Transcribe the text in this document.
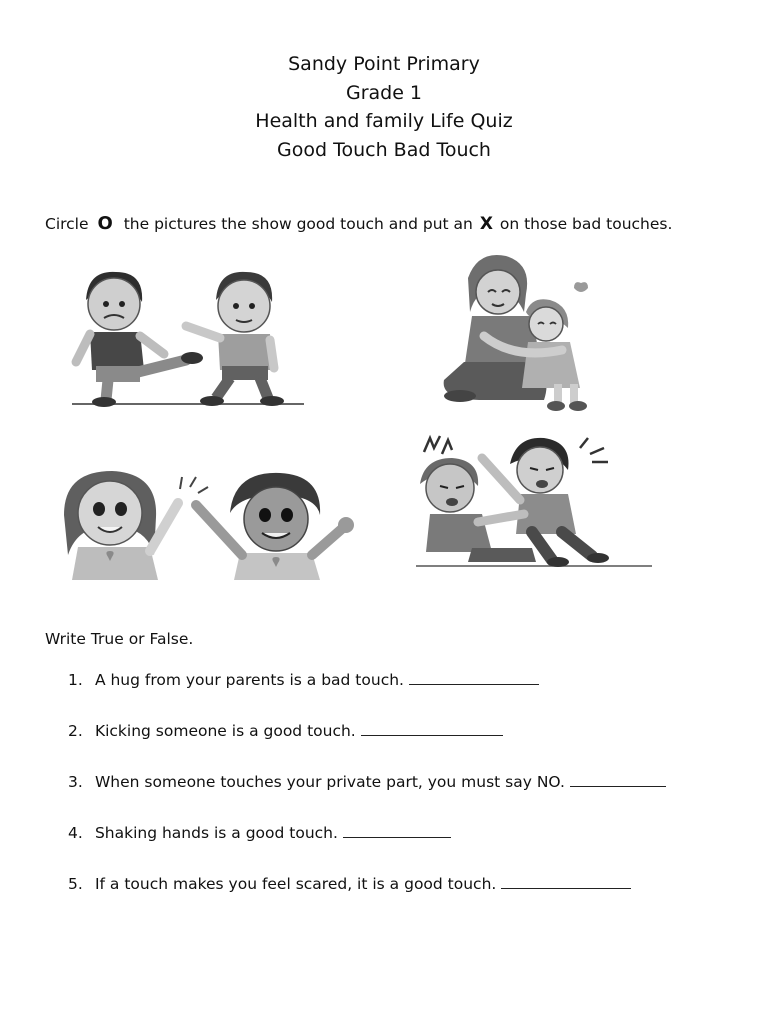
Sandy Point Primary
Grade 1
Health and family Life Quiz
Good Touch Bad Touch
Circle O the pictures the show good touch and put an X on those bad touches.
Write True or False.
1. A hug from your parents is a bad touch.
2. Kicking someone is a good touch.
3. When someone touches your private part, you must say NO.
4. Shaking hands is a good touch.
5. If a touch makes you feel scared, it is a good touch.
